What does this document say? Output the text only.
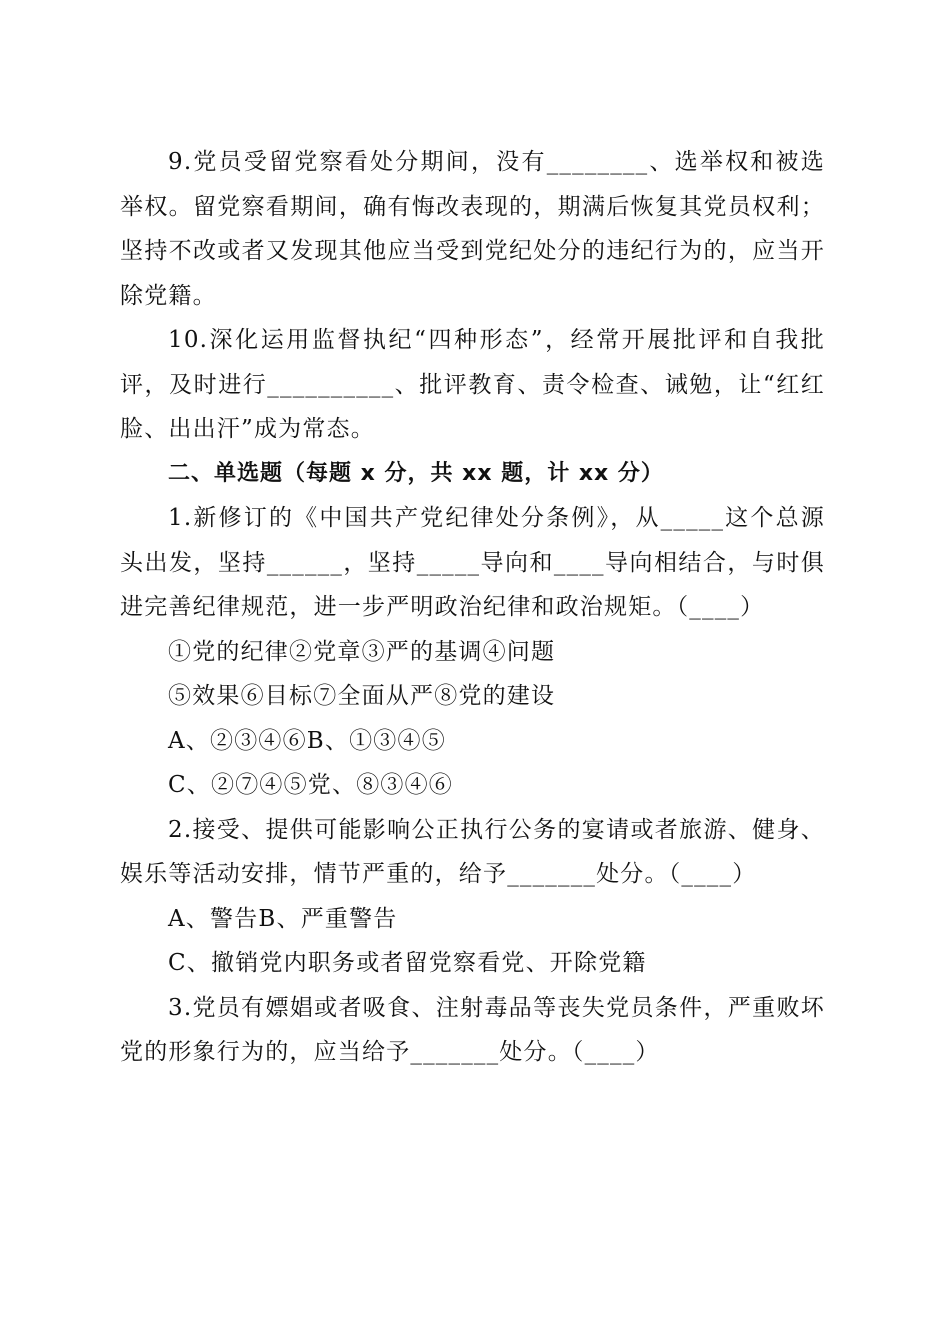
9.党员受留党察看处分期间，没有________、选举权和被选举权。留党察看期间，确有悔改表现的，期满后恢复其党员权利；坚持不改或者又发现其他应当受到党纪处分的违纪行为的，应当开除党籍。

10.深化运用监督执纪“四种形态”，经常开展批评和自我批评，及时进行__________、批评教育、责令检查、诫勉，让“红红脸、出出汗”成为常态。

二、单选题（每题 x 分，共 xx 题，计 xx 分）

1.新修订的《中国共产党纪律处分条例》，从_____这个总源头出发，坚持______，坚持_____导向和____导向相结合，与时俱进完善纪律规范，进一步严明政治纪律和政治规矩。（____）

①党的纪律②党章③严的基调④问题

⑤效果⑥目标⑦全面从严⑧党的建设

A、②③④⑥B、①③④⑤

C、②⑦④⑤党、⑧③④⑥

2.接受、提供可能影响公正执行公务的宴请或者旅游、健身、娱乐等活动安排，情节严重的，给予_______处分。（____）

A、警告B、严重警告

C、撤销党内职务或者留党察看党、开除党籍

3.党员有嫖娼或者吸食、注射毒品等丧失党员条件，严重败坏党的形象行为的，应当给予_______处分。（____）
